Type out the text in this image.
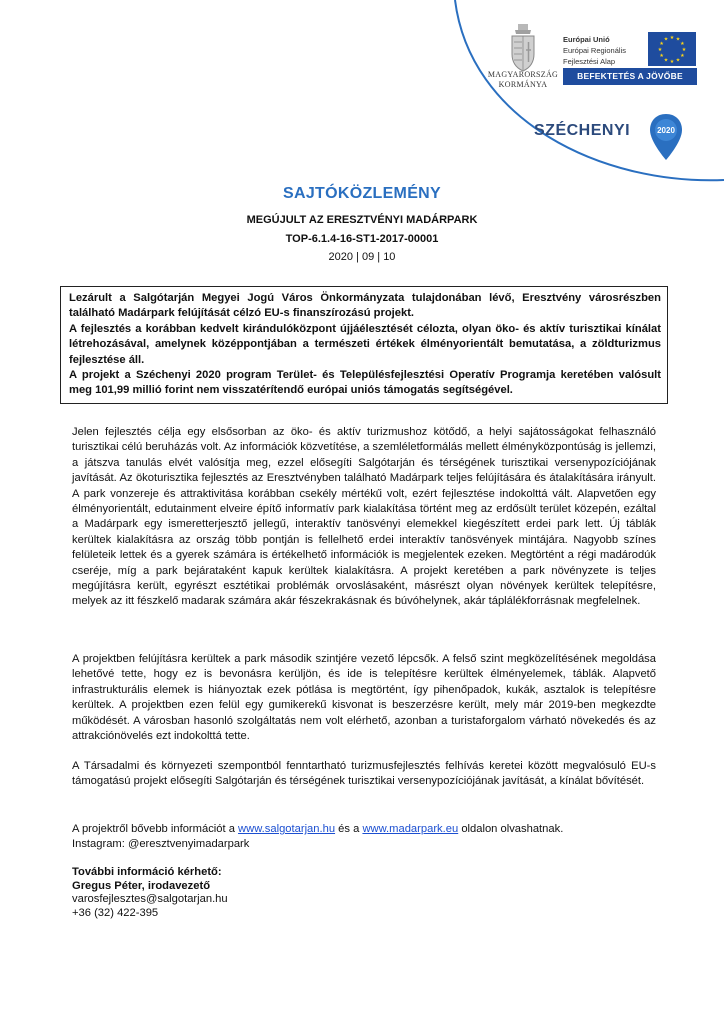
MAGYARORSZÁG KORMÁNYA
Európai Unió
Európai Regionális
Fejlesztési Alap
★ ★
★
★
★
★
★
★
★
★
★
★
BEFEKTETÉS A JÖVŐBE
SZÉCHENYI	2020
SAJTÓKÖZLEMÉNY
MEGÚJULT AZ ERESZTVÉNYI MADÁRPARK
TOP-6.1.4-16-ST1-2017-00001
2020 | 09 | 10

Lezárult a Salgótarján Megyei Jogú Város Önkormányzata tulajdonában lévő, Eresztvény városrészben található Madárpark felújítását célzó EU-s finanszírozású projekt.

A fejlesztés a korábban kedvelt kirándulóközpont újjáélesztését célozta, olyan öko- és aktív turisztikai kínálat létrehozásával, amelynek középpontjában a természeti értékek élményorientált bemutatása, a zöldturizmus fejlesztése áll.

A projekt a Széchenyi 2020 program Terület- és Településfejlesztési Operatív Programja keretében valósult meg 101,99 millió forint nem visszatérítendő európai uniós támogatás segítségével.

Jelen fejlesztés célja egy elsősorban az öko- és aktív turizmushoz kötődő, a helyi sajátosságokat felhasználó turisztikai célú beruházás volt. Az információk közvetítése, a szemléletformálás mellett élményközpontúság is jellemzi, a játszva tanulás elvét valósítja meg, ezzel elősegíti Salgótarján és térségének turisztikai versenypozíciójának javítását. Az ökoturisztika fejlesztés az Eresztvényben található Madárpark teljes felújítására és átalakítására irányult. A park vonzereje és attraktivitása korábban csekély mértékű volt, ezért fejlesztése indokolttá vált. Alapvetően egy élményorientált, edutainment elveire építő informatív park kialakítása történt meg az erdősült terület közepén, ezáltal a Madárpark egy ismeretterjesztő jellegű, interaktív tanösvényi elemekkel kiegészített erdei park lett. Új táblák kerültek kialakításra az ország több pontján is fellelhető erdei interaktív tanösvények mintájára. Nagyobb színes felületeik lettek és a gyerek számára is értékelhető információk is megjelentek ezeken. Megtörtént a régi madárodúk cseréje, míg a park bejárataként kapuk kerültek kialakításra. A projekt keretében a park növényzete is teljes megújításra került, egyrészt esztétikai problémák orvoslásaként, másrészt olyan növények kerültek telepítésre, melyek az itt fészkelő madarak számára akár fészekrakásnak és búvóhelynek, akár táplálékforrásnak megfelelnek.

A projektben felújításra kerültek a park második szintjére vezető lépcsők. A felső szint megközelítésének megoldása lehetővé tette, hogy ez is bevonásra kerüljön, és ide is telepítésre kerültek élményelemek, táblák. Alapvető infrastrukturális elemek is hiányoztak ezek pótlása is megtörtént, így pihenőpadok, kukák, asztalok is telepítésre kerültek. A projektben ezen felül egy gumikerekű kisvonat is beszerzésre került, mely már 2019-ben megkezdte működését. A városban hasonló szolgáltatás nem volt elérhető, azonban a turistaforgalom várható növekedés és az attrakciónövelés ezt indokolttá tette.

A Társadalmi és környezeti szempontból fenntartható turizmusfejlesztés felhívás keretei között megvalósuló EU-s támogatású projekt elősegíti Salgótarján és térségének turisztikai versenypozíciójának javítását, a kínálat bővítését.

A projektről bővebb információt a www.salgotarjan.hu és a www.madarpark.eu oldalon olvashatnak.
Instagram: @eresztvenyimadarpark
További információ kérhető:
Gregus Péter, irodavezető
varosfejlesztes@salgotarjan.hu
+36 (32) 422-395
